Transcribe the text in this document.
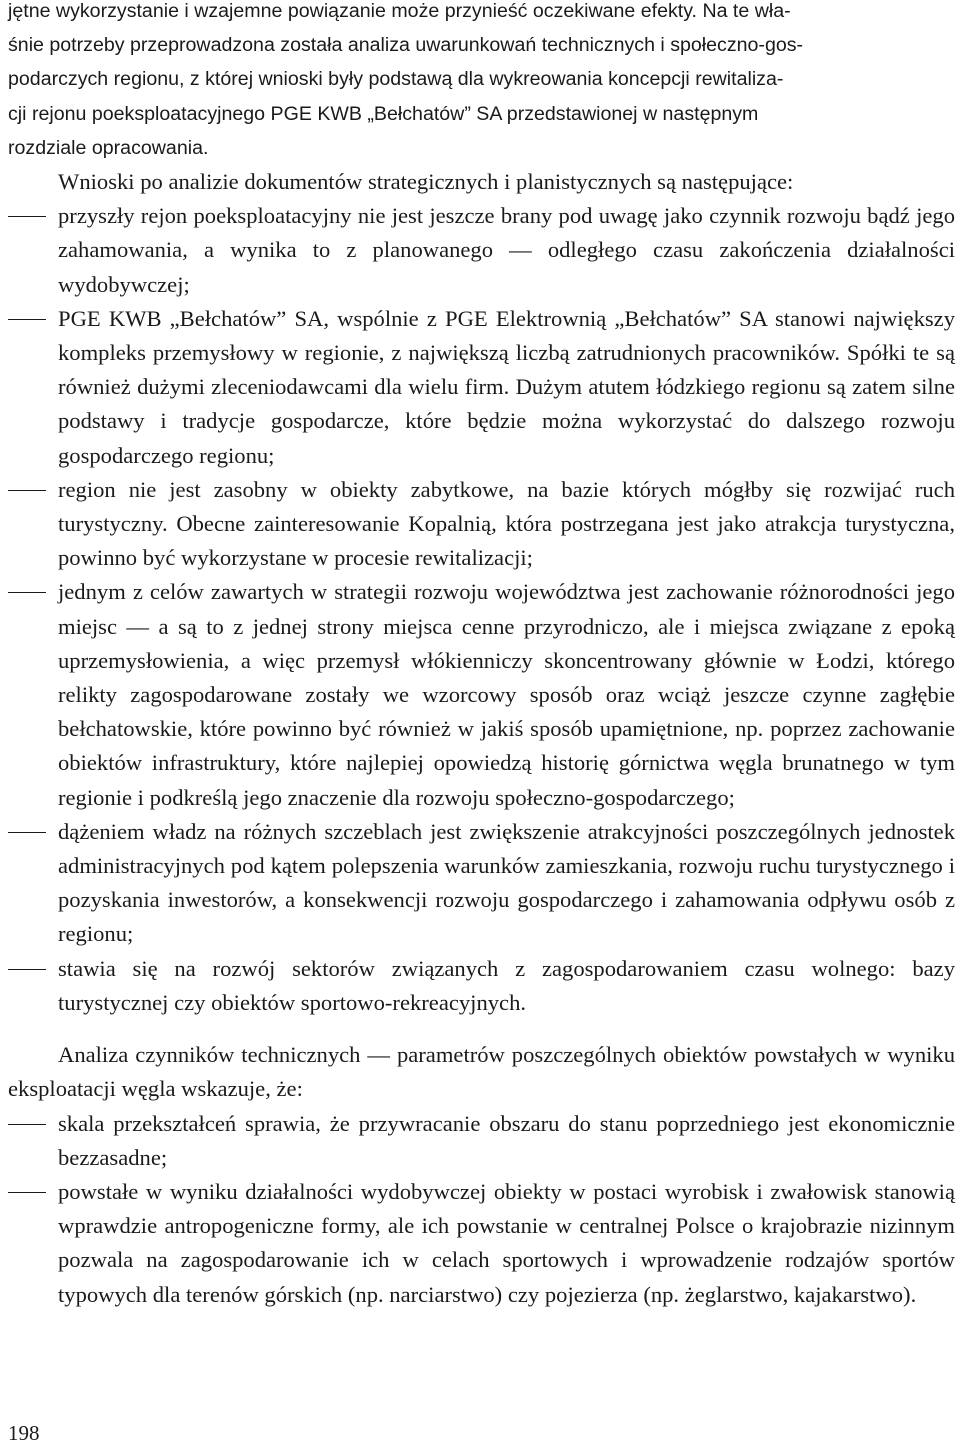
jętne wykorzystanie i wzajemne powiązanie może przynieść oczekiwane efekty. Na te wła-
śnie potrzeby przeprowadzona została analiza uwarunkowań technicznych i społeczno-gos-
podarczych regionu, z której wnioski były podstawą dla wykreowania koncepcji rewitaliza-
cji rejonu poeksploatacyjnego PGE KWB „Bełchatów” SA przedstawionej w następnym
rozdziale opracowania.

Wnioski po analizie dokumentów strategicznych i planistycznych są następujące:

przyszły rejon poeksploatacyjny nie jest jeszcze brany pod uwagę jako czynnik rozwoju bądź jego zahamowania, a wynika to z planowanego — odległego czasu zakończenia działalności wydobywczej;
PGE KWB „Bełchatów” SA, wspólnie z PGE Elektrownią „Bełchatów” SA stanowi największy kompleks przemysłowy w regionie, z największą liczbą zatrudnionych pracowników. Spółki te są również dużymi zleceniodawcami dla wielu firm. Dużym atutem łódzkiego regionu są zatem silne podstawy i tradycje gospodarcze, które będzie można wykorzystać do dalszego rozwoju gospodarczego regionu;
region nie jest zasobny w obiekty zabytkowe, na bazie których mógłby się rozwijać ruch turystyczny. Obecne zainteresowanie Kopalnią, która postrzegana jest jako atrakcja turystyczna, powinno być wykorzystane w procesie rewitalizacji;
jednym z celów zawartych w strategii rozwoju województwa jest zachowanie różnorodności jego miejsc — a są to z jednej strony miejsca cenne przyrodniczo, ale i miejsca związane z epoką uprzemysłowienia, a więc przemysł włókienniczy skoncentrowany głównie w Łodzi, którego relikty zagospodarowane zostały we wzorcowy sposób oraz wciąż jeszcze czynne zagłębie bełchatowskie, które powinno być również w jakiś sposób upamiętnione, np. poprzez zachowanie obiektów infrastruktury, które najlepiej opowiedzą historię górnictwa węgla brunatnego w tym regionie i podkreślą jego znaczenie dla rozwoju społeczno-gospodarczego;
dążeniem władz na różnych szczeblach jest zwiększenie atrakcyjności poszczególnych jednostek administracyjnych pod kątem polepszenia warunków zamieszkania, rozwoju ruchu turystycznego i pozyskania inwestorów, a konsekwencji rozwoju gospodarczego i zahamowania odpływu osób z regionu;
stawia się na rozwój sektorów związanych z zagospodarowaniem czasu wolnego: bazy turystycznej czy obiektów sportowo-rekreacyjnych.

Analiza czynników technicznych — parametrów poszczególnych obiektów powstałych w wyniku eksploatacji węgla wskazuje, że:

skala przekształceń sprawia, że przywracanie obszaru do stanu poprzedniego jest ekonomicznie bezzasadne;
powstałe w wyniku działalności wydobywczej obiekty w postaci wyrobisk i zwałowisk stanowią wprawdzie antropogeniczne formy, ale ich powstanie w centralnej Polsce o krajobrazie nizinnym pozwala na zagospodarowanie ich w celach sportowych i wprowadzenie rodzajów sportów typowych dla terenów górskich (np. narciarstwo) czy pojezierza (np. żeglarstwo, kajakarstwo).
198
